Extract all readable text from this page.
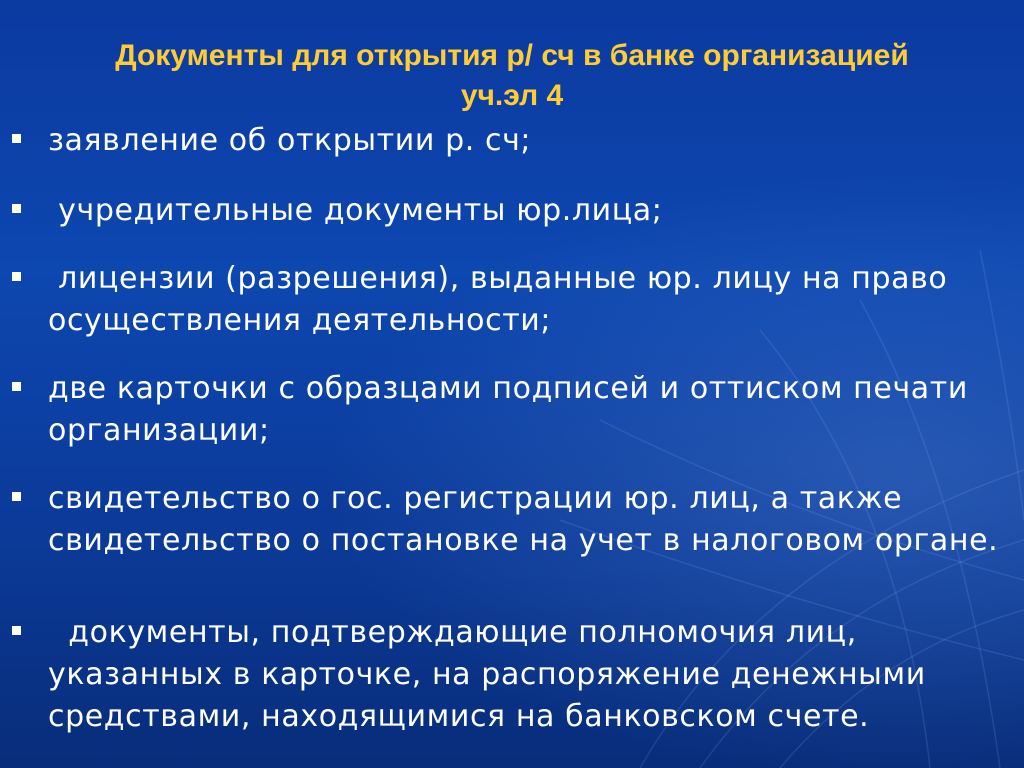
Документы для открытия р/ сч в банке организацией
уч.эл 4
заявление об открытии р. сч;
учредительные документы юр.лица;
лицензии (разрешения), выданные юр. лицу на право осуществления деятельности;
две карточки с образцами подписей и оттиском печати организации;
свидетельство о гос. регистрации юр. лиц, а также свидетельство о постановке на учет в налоговом органе.
документы, подтверждающие полномочия лиц, указанных в карточке, на распоряжение денежными средствами, находящимися на банковском счете.
